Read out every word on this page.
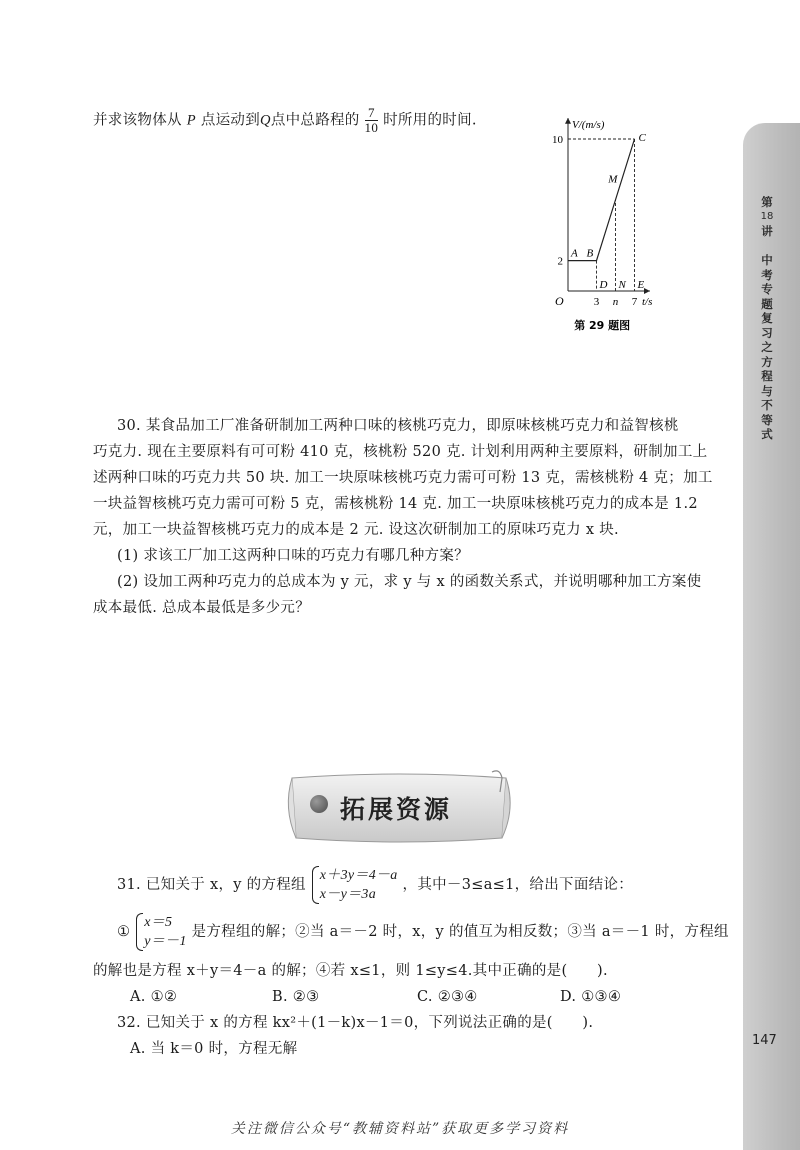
第
18
讲

中
考
专
题
复
习
之
方
程
与
不
等
式
并求该物体从 P 点运动到Q点中总路程的 $\frac{7}{10}$ 时所用的时间.	V/(m/s)
t/s
O
2
10
3 n 7
A B
M
C
D N E
第 29 题图
30. 某食品加工厂准备研制加工两种口味的核桃巧克力，即原味核桃巧克力和益智核桃
巧克力. 现在主要原料有可可粉 410 克，核桃粉 520 克. 计划利用两种主要原料，研制加工上
述两种口味的巧克力共 50 块. 加工一块原味核桃巧克力需可可粉 13 克，需核桃粉 4 克；加工
一块益智核桃巧克力需可可粉 5 克，需核桃粉 14 克. 加工一块原味核桃巧克力的成本是 1.2
元，加工一块益智核桃巧克力的成本是 2 元. 设这次研制加工的原味巧克力 x 块.
(1) 求该工厂加工这两种口味的巧克力有哪几种方案？
(2) 设加工两种巧克力的总成本为 y 元，求 y 与 x 的函数关系式，并说明哪种加工方案使
成本最低. 总成本最低是多少元？
拓展资源
31. 已知关于 x，y 的方程组
x＋3y＝4－a
x－y＝3a
，其中－3≤a≤1，给出下面结论：
①
x＝5
y＝－1
是方程组的解；②当 a＝－2 时，x，y 的值互为相反数；③当 a＝－1 时，方程组
的解也是方程 x＋y＝4－a 的解；④若 x≤1，则 1≤y≤4.其中正确的是(　　).
A. ①②	B. ②③	C. ②③④	D. ①③④
32. 已知关于 x 的方程 kx²＋(1－k)x－1＝0，下列说法正确的是(　　).
A. 当 k＝0 时，方程无解
147
关注微信公众号“教辅资料站”获取更多学习资料
